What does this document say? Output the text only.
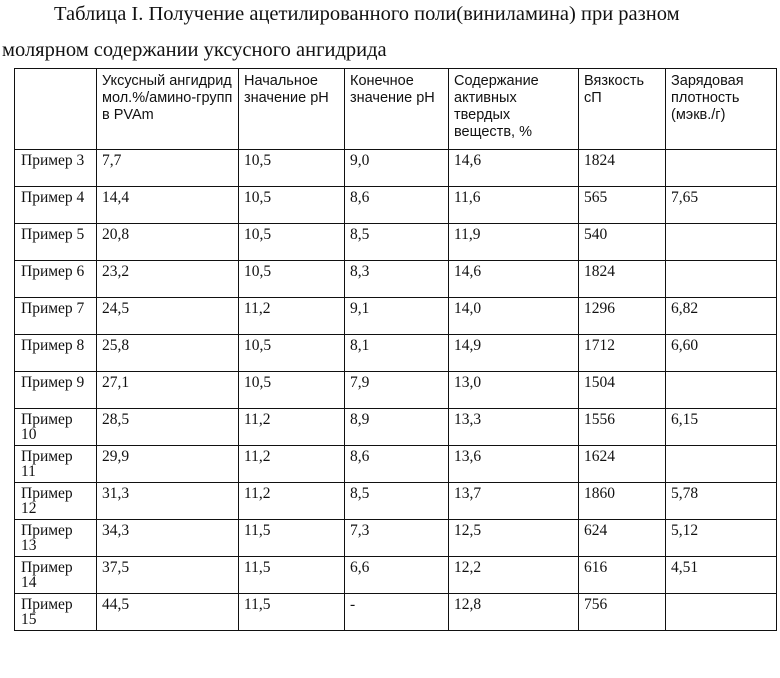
Таблица I. Получение ацетилированного поли(виниламина) при разном
молярном содержании уксусного ангидрида
	Уксусный ангидрид мол.%/амино-групп в PVAm	Начальное значение pH	Конечное значение pH	Содержание активных твердых веществ, %	Вязкость сП	Зарядовая плотность (мэкв./г)
Пример 3	7,7	10,5	9,0	14,6	1824	
Пример 4	14,4	10,5	8,6	11,6	565	7,65
Пример 5	20,8	10,5	8,5	11,9	540	
Пример 6	23,2	10,5	8,3	14,6	1824	
Пример 7	24,5	11,2	9,1	14,0	1296	6,82
Пример 8	25,8	10,5	8,1	14,9	1712	6,60
Пример 9	27,1	10,5	7,9	13,0	1504	
Пример 10	28,5	11,2	8,9	13,3	1556	6,15
Пример 11	29,9	11,2	8,6	13,6	1624	
Пример 12	31,3	11,2	8,5	13,7	1860	5,78
Пример 13	34,3	11,5	7,3	12,5	624	5,12
Пример 14	37,5	11,5	6,6	12,2	616	4,51
Пример 15	44,5	11,5	-	12,8	756	
